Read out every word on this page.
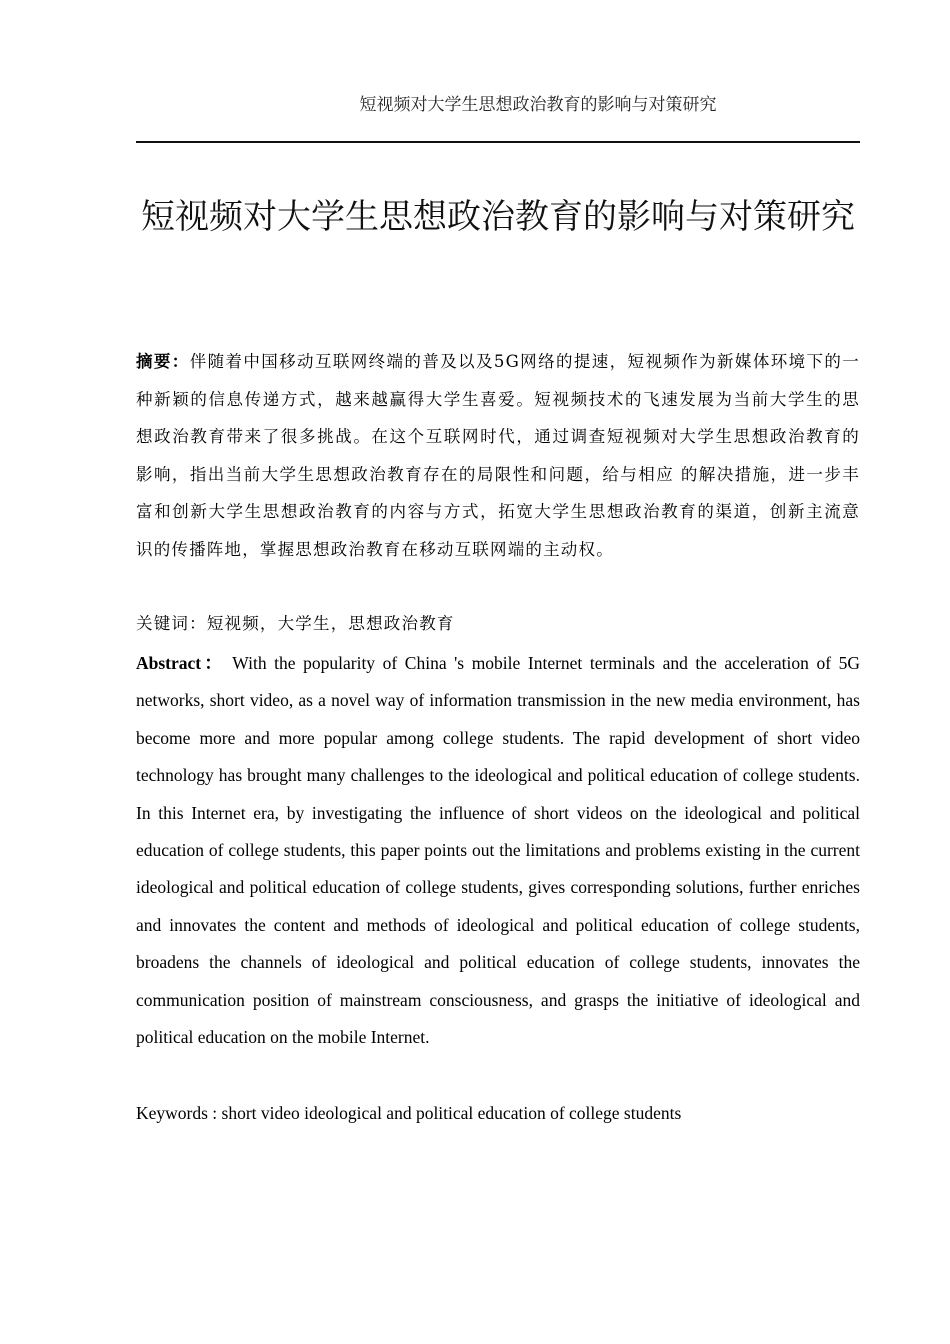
短视频对大学生思想政治教育的影响与对策研究
短视频对大学生思想政治教育的影响与对策研究

摘要：伴随着中国移动互联网终端的普及以及5G网络的提速，短视频作为新媒体环境下的一种新颖的信息传递方式，越来越赢得大学生喜爱。短视频技术的飞速发展为当前大学生的思想政治教育带来了很多挑战。在这个互联网时代，通过调查短视频对大学生思想政治教育的影响，指出当前大学生思想政治教育存在的局限性和问题，给与相应 的解决措施，进一步丰富和创新大学生思想政治教育的内容与方式，拓宽大学生思想政治教育的渠道，创新主流意识的传播阵地，掌握思想政治教育在移动互联网端的主动权。

关键词：短视频，大学生，思想政治教育

Abstract： With the popularity of China 's mobile Internet terminals and the acceleration of 5G networks, short video, as a novel way of information transmission in the new media environment, has become more and more popular among college students. The rapid development of short video technology has brought many challenges to the ideological and political education of college students. In this Internet era, by investigating the influence of short videos on the ideological and political education of college students, this paper points out the limitations and problems existing in the current ideological and political education of college students, gives corresponding solutions, further enriches and innovates the content and methods of ideological and political education of college students, broadens the channels of ideological and political education of college students, innovates the communication position of mainstream consciousness, and grasps the initiative of ideological and political education on the mobile Internet.

Keywords : short video ideological and political education of college students
